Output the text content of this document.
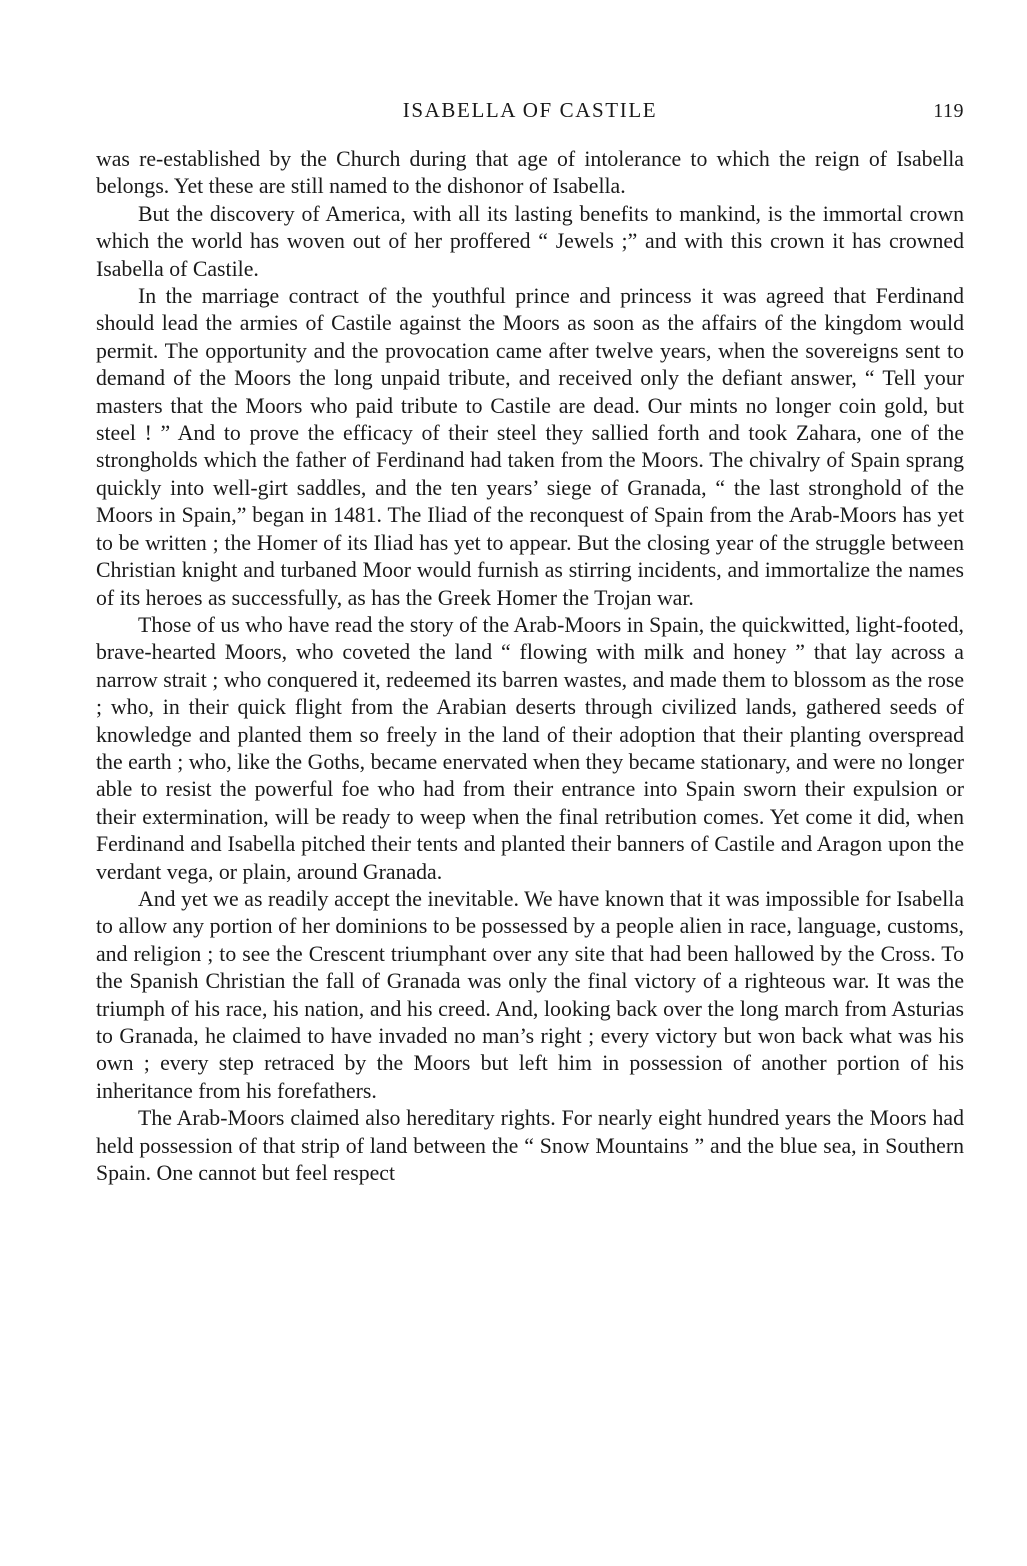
ISABELLA OF CASTILE	119

was re-established by the Church during that age of intolerance to which the reign of Isabella belongs. Yet these are still named to the dishonor of Isabella.

But the discovery of America, with all its lasting benefits to mankind, is the immortal crown which the world has woven out of her proffered “ Jewels ;” and with this crown it has crowned Isabella of Castile.

In the marriage contract of the youthful prince and princess it was agreed that Ferdinand should lead the armies of Castile against the Moors as soon as the affairs of the kingdom would permit. The opportunity and the provocation came after twelve years, when the sovereigns sent to demand of the Moors the long unpaid tribute, and received only the defiant answer, “ Tell your masters that the Moors who paid tribute to Castile are dead. Our mints no longer coin gold, but steel ! ” And to prove the efficacy of their steel they sallied forth and took Zahara, one of the strongholds which the father of Ferdinand had taken from the Moors. The chivalry of Spain sprang quickly into well-girt saddles, and the ten years’ siege of Granada, “ the last stronghold of the Moors in Spain,” began in 1481. The Iliad of the reconquest of Spain from the Arab-Moors has yet to be written ; the Homer of its Iliad has yet to appear. But the closing year of the struggle between Christian knight and turbaned Moor would furnish as stirring incidents, and immortalize the names of its heroes as successfully, as has the Greek Homer the Trojan war.

Those of us who have read the story of the Arab-Moors in Spain, the quickwitted, light-footed, brave-hearted Moors, who coveted the land “ flowing with milk and honey ” that lay across a narrow strait ; who conquered it, redeemed its barren wastes, and made them to blossom as the rose ; who, in their quick flight from the Arabian deserts through civilized lands, gathered seeds of knowledge and planted them so freely in the land of their adoption that their planting overspread the earth ; who, like the Goths, became enervated when they became stationary, and were no longer able to resist the powerful foe who had from their entrance into Spain sworn their expulsion or their extermination, will be ready to weep when the final retribution comes. Yet come it did, when Ferdinand and Isabella pitched their tents and planted their banners of Castile and Aragon upon the verdant vega, or plain, around Granada.

And yet we as readily accept the inevitable. We have known that it was impossible for Isabella to allow any portion of her dominions to be possessed by a people alien in race, language, customs, and religion ; to see the Crescent triumphant over any site that had been hallowed by the Cross. To the Spanish Christian the fall of Granada was only the final victory of a righteous war. It was the triumph of his race, his nation, and his creed. And, looking back over the long march from Asturias to Granada, he claimed to have invaded no man’s right ; every victory but won back what was his own ; every step retraced by the Moors but left him in possession of another portion of his inheritance from his forefathers.

The Arab-Moors claimed also hereditary rights. For nearly eight hundred years the Moors had held possession of that strip of land between the “ Snow Mountains ” and the blue sea, in Southern Spain. One cannot but feel respect
